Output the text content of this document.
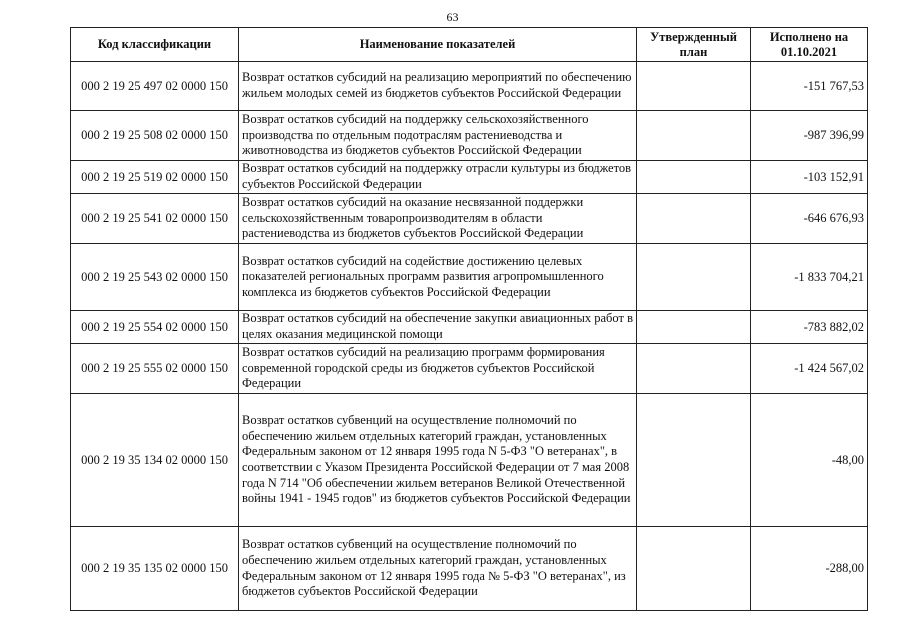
63
Код классификации	Наименование показателей	Утвержденный план	Исполнено на 01.10.2021
000 2 19 25 497 02 0000 150	Возврат остатков субсидий на реализацию мероприятий по обеспечению жильем молодых семей из бюджетов субъектов Российской Федерации		-151 767,53
000 2 19 25 508 02 0000 150	Возврат остатков субсидий на поддержку сельскохозяйственного производства по отдельным подотраслям растениеводства и животноводства из бюджетов субъектов Российской Федерации		-987 396,99
000 2 19 25 519 02 0000 150	Возврат остатков субсидий на поддержку отрасли культуры из бюджетов субъектов Российской Федерации		-103 152,91
000 2 19 25 541 02 0000 150	Возврат остатков субсидий на оказание несвязанной поддержки сельскохозяйственным товаропроизводителям в области растениеводства из бюджетов субъектов Российской Федерации		-646 676,93
000 2 19 25 543 02 0000 150	Возврат остатков субсидий на содействие достижению целевых показателей региональных программ развития агропромышленного комплекса из бюджетов субъектов Российской Федерации		-1 833 704,21
000 2 19 25 554 02 0000 150	Возврат остатков субсидий на обеспечение закупки авиационных работ в целях оказания медицинской помощи		-783 882,02
000 2 19 25 555 02 0000 150	Возврат остатков субсидий на реализацию программ формирования современной городской среды из бюджетов субъектов Российской Федерации		-1 424 567,02
000 2 19 35 134 02 0000 150	Возврат остатков субвенций на осуществление полномочий по обеспечению жильем отдельных категорий граждан, установленных Федеральным законом от 12 января 1995 года N 5-ФЗ "О ветеранах", в соответствии с Указом Президента Российской Федерации от 7 мая 2008 года N 714 "Об обеспечении жильем ветеранов Великой Отечественной войны 1941 - 1945 годов" из бюджетов субъектов Российской Федерации		-48,00
000 2 19 35 135 02 0000 150	Возврат остатков субвенций на осуществление полномочий по обеспечению жильем отдельных категорий граждан, установленных Федеральным законом от 12 января 1995 года № 5-ФЗ "О ветеранах", из бюджетов субъектов Российской Федерации		-288,00
